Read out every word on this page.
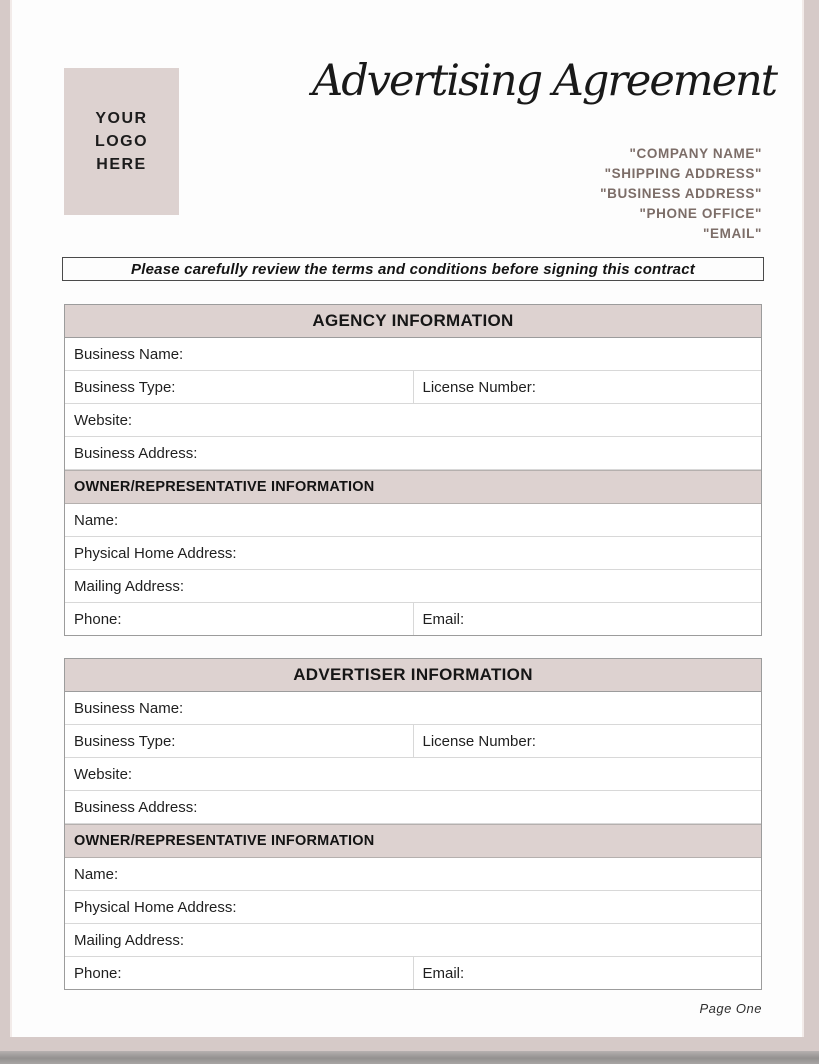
YOUR
LOGO
HERE
Advertising Agreement
"COMPANY NAME"
"SHIPPING ADDRESS"
"BUSINESS ADDRESS"
"PHONE OFFICE"
"EMAIL"
Please carefully review the terms and conditions before signing this contract
AGENCY INFORMATION
Business Name:
Business Type:	License Number:
Website:
Business Address:
OWNER/REPRESENTATIVE INFORMATION
Name:
Physical Home Address:
Mailing Address:
Phone:	Email:
ADVERTISER INFORMATION
Business Name:
Business Type:	License Number:
Website:
Business Address:
OWNER/REPRESENTATIVE INFORMATION
Name:
Physical Home Address:
Mailing Address:
Phone:	Email:
Page One
